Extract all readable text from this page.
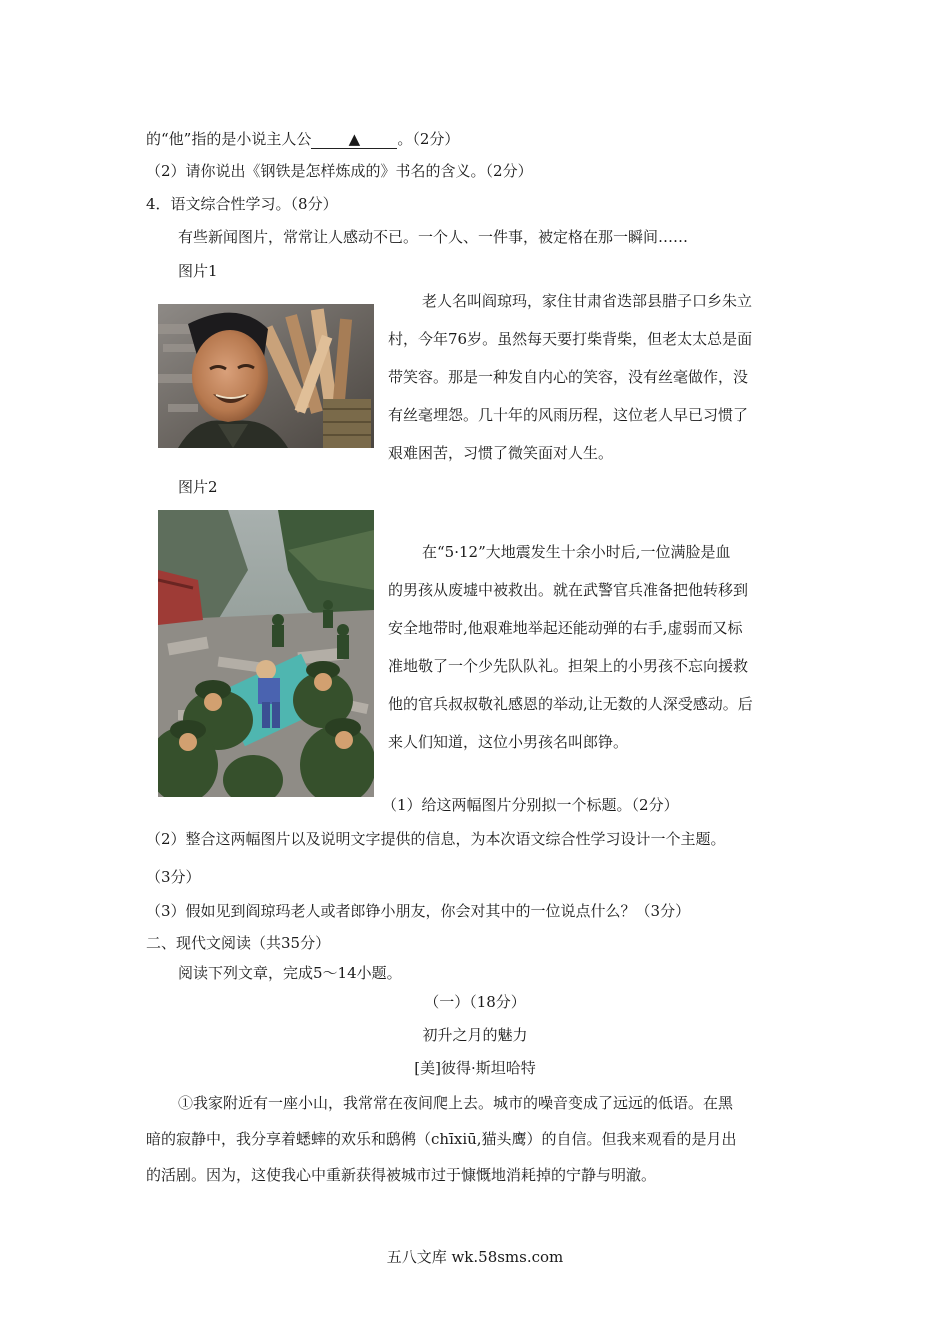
的“他”指的是小说主人公 ▲ 。（2分）
（2）请你说出《钢铁是怎样炼成的》书名的含义。（2分）
4．语文综合性学习。（8分）
有些新闻图片，常常让人感动不已。一个人、一件事，被定格在那一瞬间……
图片1
老人名叫阎琼玛，家住甘肃省迭部县腊子口乡朱立
村，今年76岁。虽然每天要打柴背柴，但老太太总是面
带笑容。那是一种发自内心的笑容，没有丝毫做作，没
有丝毫埋怨。几十年的风雨历程，这位老人早已习惯了
艰难困苦，习惯了微笑面对人生。
图片2
在“5·12”大地震发生十余小时后,一位满脸是血
的男孩从废墟中被救出。就在武警官兵准备把他转移到
安全地带时,他艰难地举起还能动弹的右手,虚弱而又标
准地敬了一个少先队队礼。担架上的小男孩不忘向援救
他的官兵叔叔敬礼感恩的举动,让无数的人深受感动。后
来人们知道，这位小男孩名叫郎铮。
（1）给这两幅图片分别拟一个标题。（2分）
（2）整合这两幅图片以及说明文字提供的信息，为本次语文综合性学习设计一个主题。
（3分）
（3）假如见到阎琼玛老人或者郎铮小朋友，你会对其中的一位说点什么？（3分）
二、现代文阅读（共35分）
阅读下列文章，完成5～14小题。
（一）（18分）
初升之月的魅力
[美]彼得·斯坦哈特
①我家附近有一座小山，我常常在夜间爬上去。城市的噪音变成了远远的低语。在黑
暗的寂静中，我分享着蟋蟀的欢乐和鸱鸺（chīxiū,猫头鹰）的自信。但我来观看的是月出
的活剧。因为，这使我心中重新获得被城市过于慷慨地消耗掉的宁静与明澈。
五八文库 wk.58sms.com
